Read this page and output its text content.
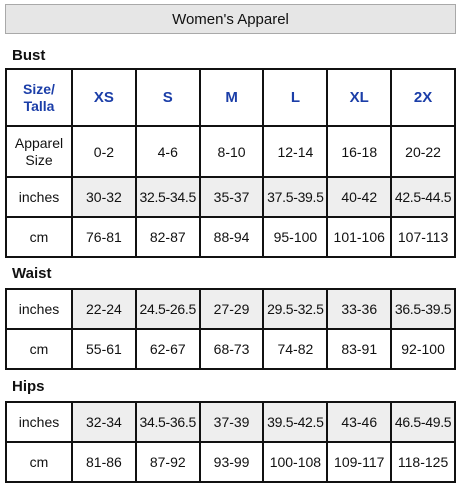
Women's Apparel
Bust
Size/
Talla	XS	S	M	L	XL	2X
Apparel
Size	0-2	4-6	8-10	12-14	16-18	20-22
inches	30-32	32.5-34.5	35-37	37.5-39.5	40-42	42.5-44.5
cm	76-81	82-87	88-94	95-100	101-106	107-113
Waist
inches	22-24	24.5-26.5	27-29	29.5-32.5	33-36	36.5-39.5
cm	55-61	62-67	68-73	74-82	83-91	92-100
Hips
inches	32-34	34.5-36.5	37-39	39.5-42.5	43-46	46.5-49.5
cm	81-86	87-92	93-99	100-108	109-117	118-125
